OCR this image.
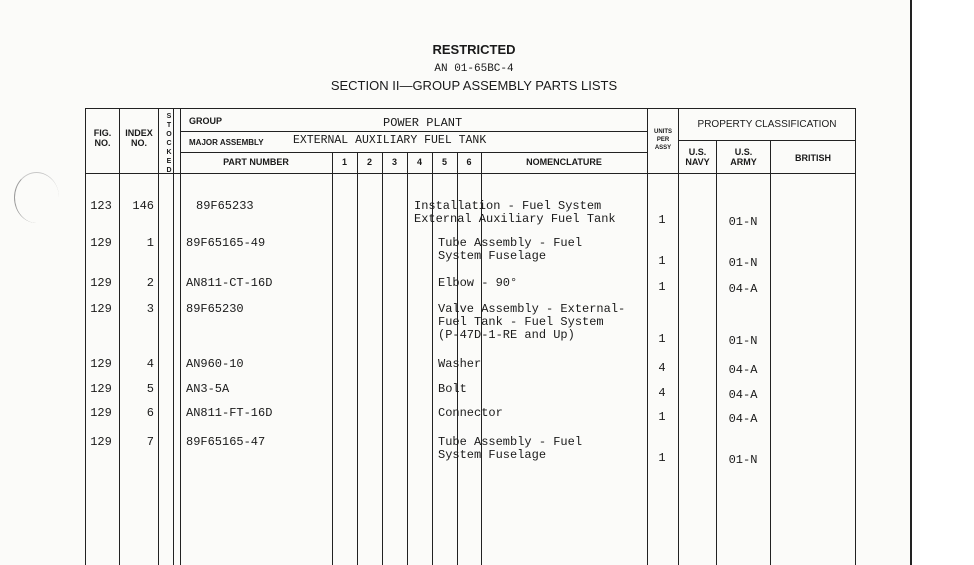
RESTRICTED
AN 01-65BC-4
SECTION II—GROUP ASSEMBLY PARTS LISTS
FIG.
NO.
INDEX
NO.
S
T
O
C
K
E
D
GROUP	POWER PLANT
MAJOR ASSEMBLY	EXTERNAL AUXILIARY FUEL TANK
PART NUMBER	1	2	3	4	5	6	NOMENCLATURE
UNITS
PER
ASSY
PROPERTY CLASSIFICATION
U.S.
NAVY
U.S.
ARMY	BRITISH
123	146	89F65233	Installation - Fuel System
External Auxiliary Fuel Tank	1	01-N
129	1	89F65165-49	Tube Assembly - Fuel
System Fuselage	1	01-N
129	2	AN811-CT-16D	Elbow - 90°	1	04-A
129	3	89F65230	Valve Assembly - External-
Fuel Tank - Fuel System
(P-47D-1-RE and Up)	1	01-N
129	4	AN960-10	Washer	4	04-A
129	5	AN3-5A	Bolt	4	04-A
129	6	AN811-FT-16D	Connector	1	04-A
129	7	89F65165-47	Tube Assembly - Fuel
System Fuselage	1	01-N
